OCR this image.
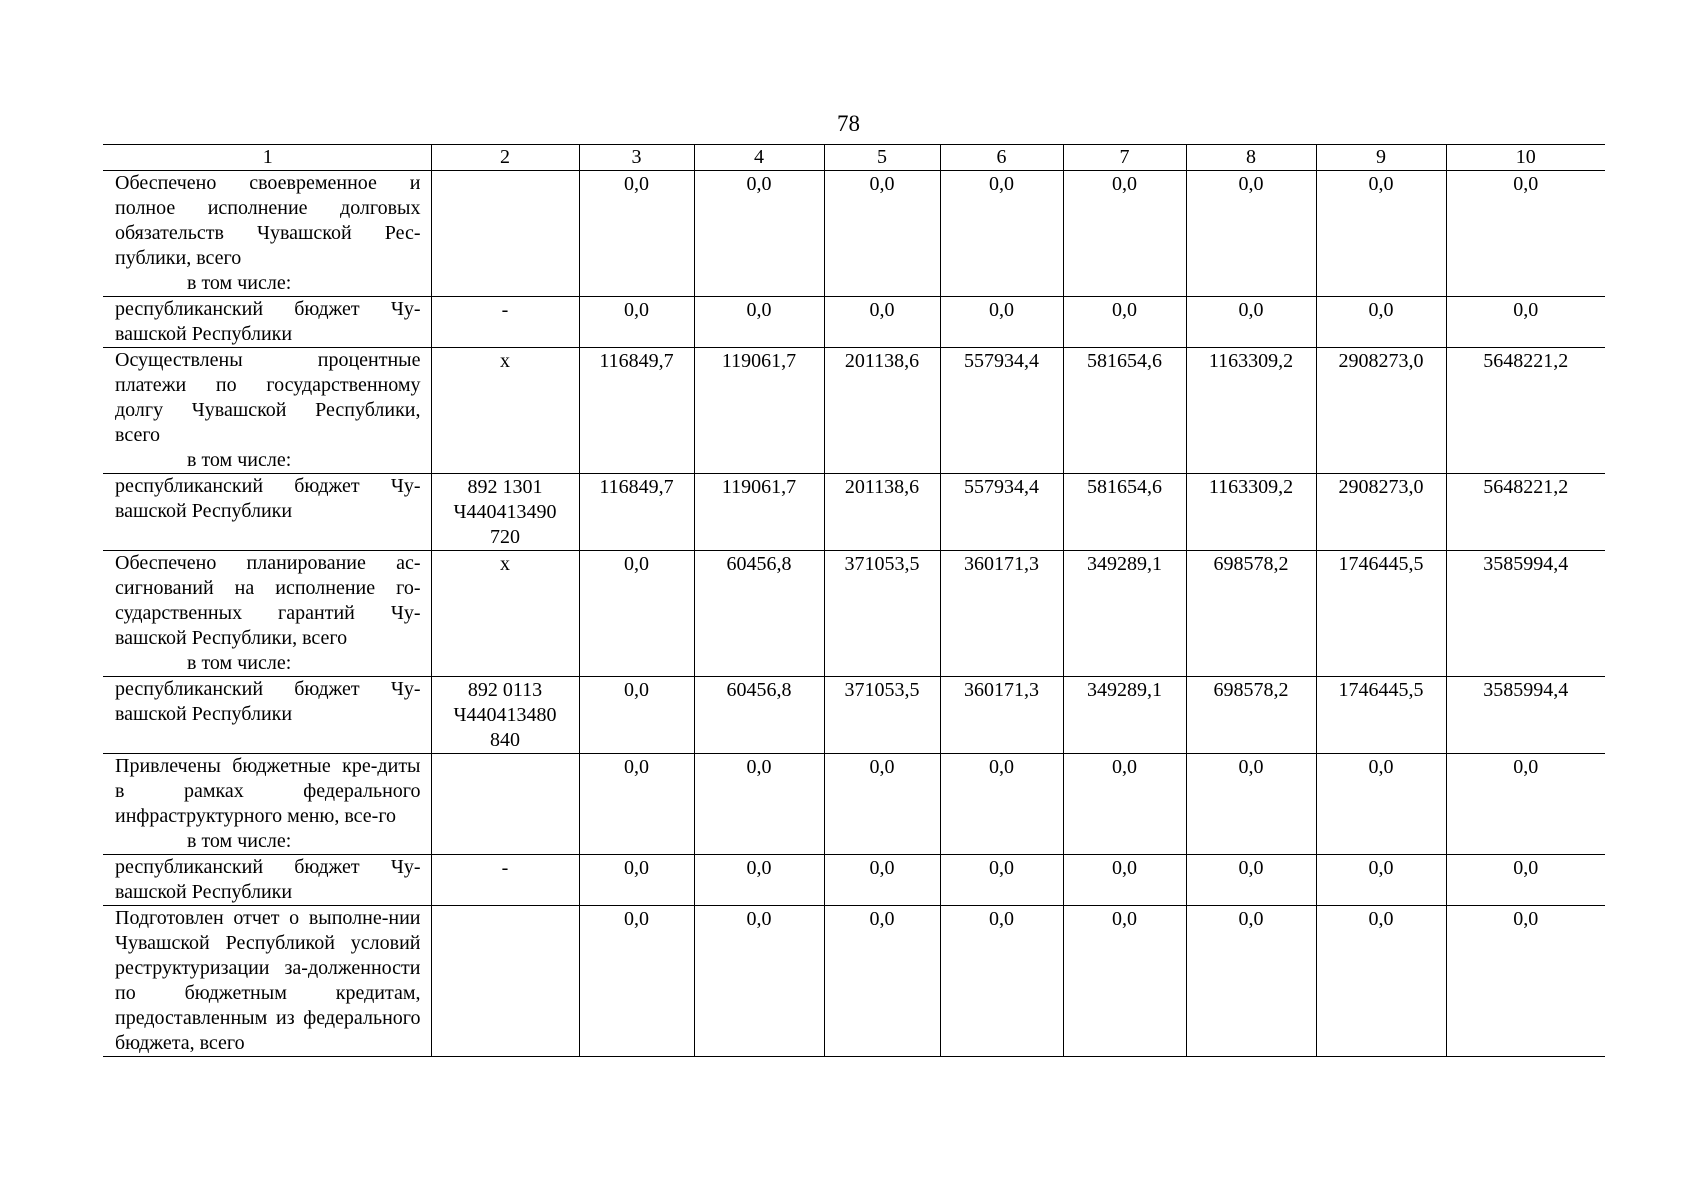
78
1	2	3	4	5	6	7	8	9	10

Обеспечено своевременное и полное исполнение долговых обязательств Чувашской Рес-публики, всего
в том числе:		0,0	0,0	0,0	0,0	0,0	0,0	0,0	0,0

республиканский бюджет Чу-вашской Республики	-	0,0	0,0	0,0	0,0	0,0	0,0	0,0	0,0

Осуществлены процентные платежи по государственному долгу Чувашской Республики, всего
в том числе:	x	116849,7	119061,7	201138,6	557934,4	581654,6	1163309,2	2908273,0	5648221,2

республиканский бюджет Чу-вашской Республики	892 1301 Ч440413490 720	116849,7	119061,7	201138,6	557934,4	581654,6	1163309,2	2908273,0	5648221,2

Обеспечено планирование ас-сигнований на исполнение го-сударственных гарантий Чу-вашской Республики, всего
в том числе:	x	0,0	60456,8	371053,5	360171,3	349289,1	698578,2	1746445,5	3585994,4

республиканский бюджет Чу-вашской Республики	892 0113 Ч440413480 840	0,0	60456,8	371053,5	360171,3	349289,1	698578,2	1746445,5	3585994,4

Привлечены бюджетные кре-диты в рамках федерального инфраструктурного меню, все-го
в том числе:		0,0	0,0	0,0	0,0	0,0	0,0	0,0	0,0

республиканский бюджет Чу-вашской Республики	-	0,0	0,0	0,0	0,0	0,0	0,0	0,0	0,0

Подготовлен отчет о выполне-нии Чувашской Республикой условий реструктуризации за-долженности по бюджетным кредитам, предоставленным из федерального бюджета, всего		0,0	0,0	0,0	0,0	0,0	0,0	0,0	0,0
